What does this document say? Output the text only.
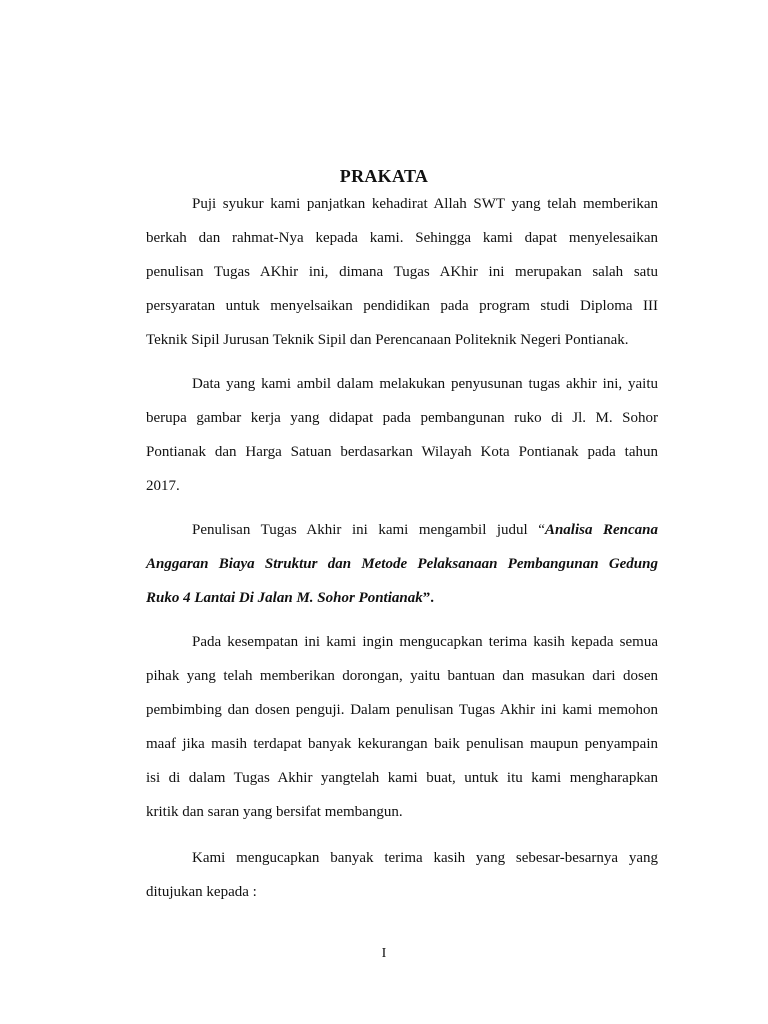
PRAKATA
Puji syukur kami panjatkan kehadirat Allah SWT yang telah memberikan
berkah dan rahmat-Nya kepada kami. Sehingga kami dapat menyelesaikan
penulisan Tugas AKhir ini, dimana Tugas AKhir ini merupakan salah satu
persyaratan untuk menyelsaikan pendidikan pada program studi Diploma III
Teknik Sipil Jurusan Teknik Sipil dan Perencanaan Politeknik Negeri Pontianak.
Data yang kami ambil dalam melakukan penyusunan tugas akhir ini, yaitu
berupa gambar kerja yang didapat pada pembangunan ruko di Jl. M. Sohor
Pontianak dan Harga Satuan berdasarkan Wilayah Kota Pontianak pada tahun
2017.
Penulisan Tugas Akhir ini kami mengambil judul “Analisa Rencana
Anggaran Biaya Struktur dan Metode Pelaksanaan Pembangunan Gedung
Ruko 4 Lantai Di Jalan M. Sohor Pontianak”.
Pada kesempatan ini kami ingin mengucapkan terima kasih kepada semua
pihak yang telah memberikan dorongan, yaitu bantuan dan masukan dari dosen
pembimbing dan dosen penguji. Dalam penulisan Tugas Akhir ini kami memohon
maaf jika masih terdapat banyak kekurangan baik penulisan maupun penyampain
isi di dalam Tugas Akhir yangtelah kami buat, untuk itu kami mengharapkan
kritik dan saran yang bersifat membangun.
Kami mengucapkan banyak terima kasih yang sebesar-besarnya yang
ditujukan kepada :
I
